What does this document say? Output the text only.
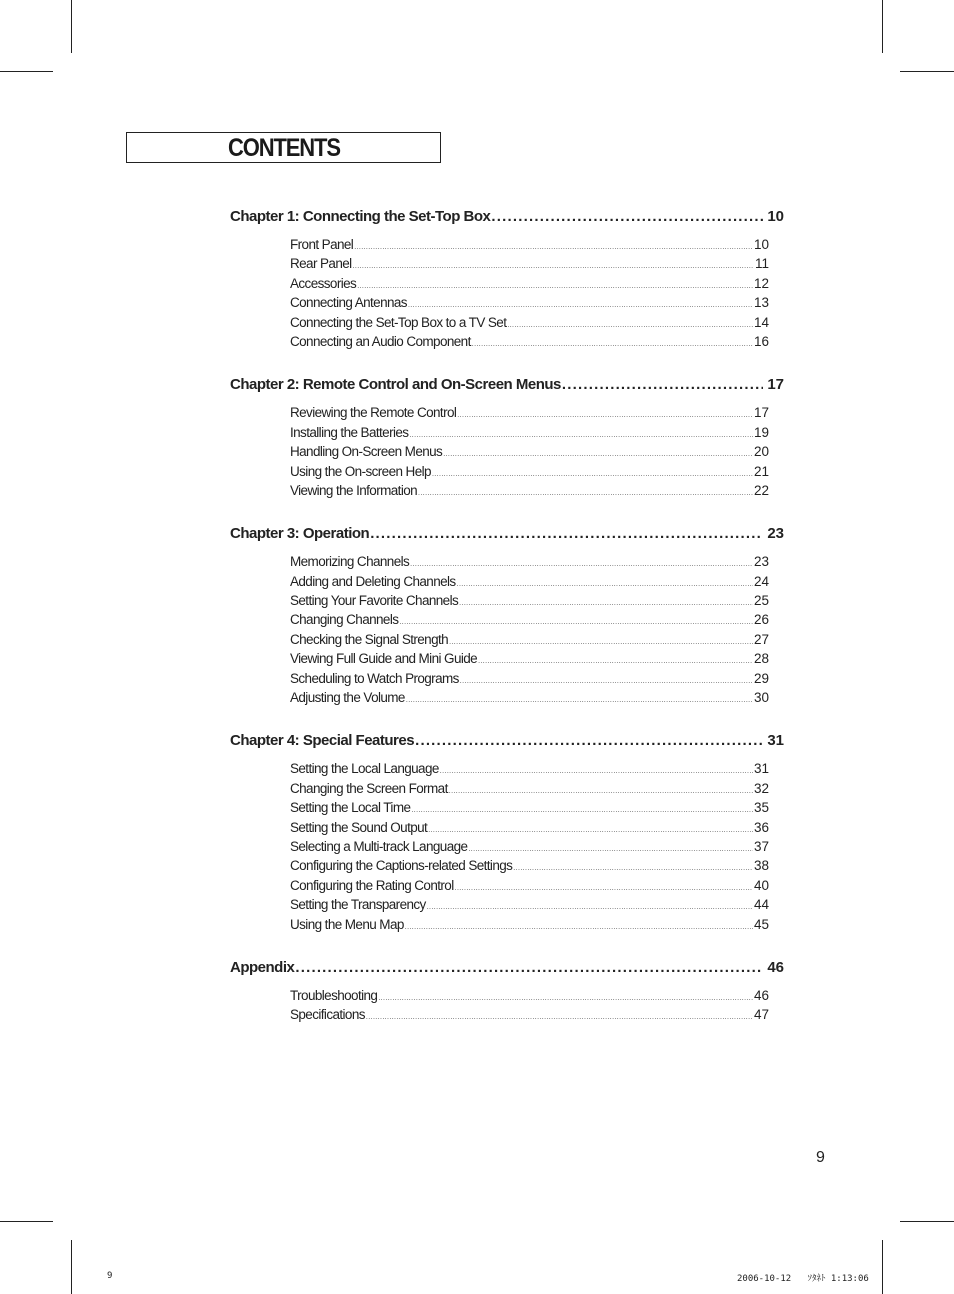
CONTENTS
Chapter 1: Connecting the Set-Top Box .....	10
Front Panel .....	10
Rear Panel .....	11
Accessories .....	12
Connecting Antennas .....	13
Connecting the Set-Top Box to a TV Set .....	14
Connecting an Audio Component .....	16
Chapter 2: Remote Control and On-Screen Menus .....	17
Reviewing the Remote Control .....	17
Installing the Batteries .....	19
Handling On-Screen Menus .....	20
Using the On-screen Help .....	21
Viewing the Information .....	22
Chapter 3: Operation .....	23
Memorizing Channels .....	23
Adding and Deleting Channels .....	24
Setting Your Favorite Channels .....	25
Changing Channels .....	26
Checking the Signal Strength .....	27
Viewing Full Guide and Mini Guide .....	28
Scheduling to Watch Programs .....	29
Adjusting the Volume .....	30
Chapter 4: Special Features .....	31
Setting the Local Language .....	31
Changing the Screen Format .....	32
Setting the Local Time .....	35
Setting the Sound Output .....	36
Selecting a Multi-track Language .....	37
Configuring the Captions-related Settings .....	38
Configuring the Rating Control .....	40
Setting the Transparency .....	44
Using the Menu Map .....	45
Appendix .....	46
Troubleshooting .....	46
Specifications .....	47
9
9	2006-10-12   ｿﾀﾈﾄ 1:13:06
